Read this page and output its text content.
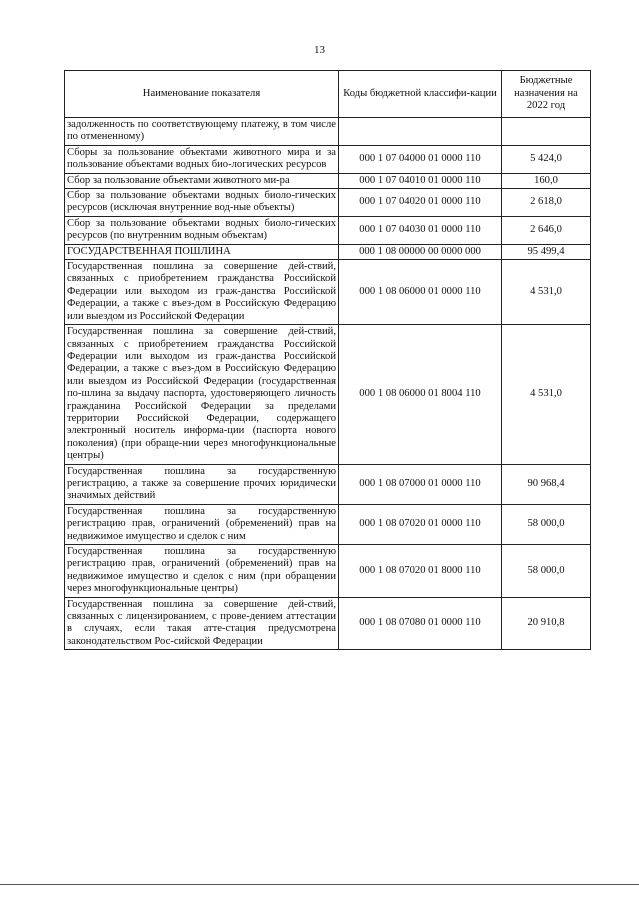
13
Наименование показателя	Коды бюджетной классифи-кации	Бюджетные назначения на 2022 год
задолженность по соответствующему платежу, в том числе по отмененному)		
Сборы за пользование объектами животного мира и за пользование объектами водных био-логических ресурсов	000 1 07 04000 01 0000 110	5 424,0
Сбор за пользование объектами животного ми-ра	000 1 07 04010 01 0000 110	160,0
Сбор за пользование объектами водных биоло-гических ресурсов (исключая внутренние вод-ные объекты)	000 1 07 04020 01 0000 110	2 618,0
Сбор за пользование объектами водных биоло-гических ресурсов (по внутренним водным объектам)	000 1 07 04030 01 0000 110	2 646,0
ГОСУДАРСТВЕННАЯ ПОШЛИНА	000 1 08 00000 00 0000 000	95 499,4
Государственная пошлина за совершение дей-ствий, связанных с приобретением гражданства Российской Федерации или выходом из граж-данства Российской Федерации, а также с въез-дом в Российскую Федерацию или выездом из Российской Федерации	000 1 08 06000 01 0000 110	4 531,0
Государственная пошлина за совершение дей-ствий, связанных с приобретением гражданства Российской Федерации или выходом из граж-данства Российской Федерации, а также с въез-дом в Российскую Федерацию или выездом из Российской Федерации (государственная по-шлина за выдачу паспорта, удостоверяющего личность гражданина Российской Федерации за пределами территории Российской Федерации, содержащего электронный носитель информа-ции (паспорта нового поколения) (при обраще-нии через многофункциональные центры)	000 1 08 06000 01 8004 110	4 531,0
Государственная пошлина за государственную регистрацию, а также за совершение прочих юридически значимых действий	000 1 08 07000 01 0000 110	90 968,4
Государственная пошлина за государственную регистрацию прав, ограничений (обременений) прав на недвижимое имущество и сделок с ним	000 1 08 07020 01 0000 110	58 000,0
Государственная пошлина за государственную регистрацию прав, ограничений (обременений) прав на недвижимое имущество и сделок с ним (при обращении через многофункциональные центры)	000 1 08 07020 01 8000 110	58 000,0
Государственная пошлина за совершение дей-ствий, связанных с лицензированием, с прове-дением аттестации в случаях, если такая атте-стация предусмотрена законодательством Рос-сийской Федерации	000 1 08 07080 01 0000 110	20 910,8
